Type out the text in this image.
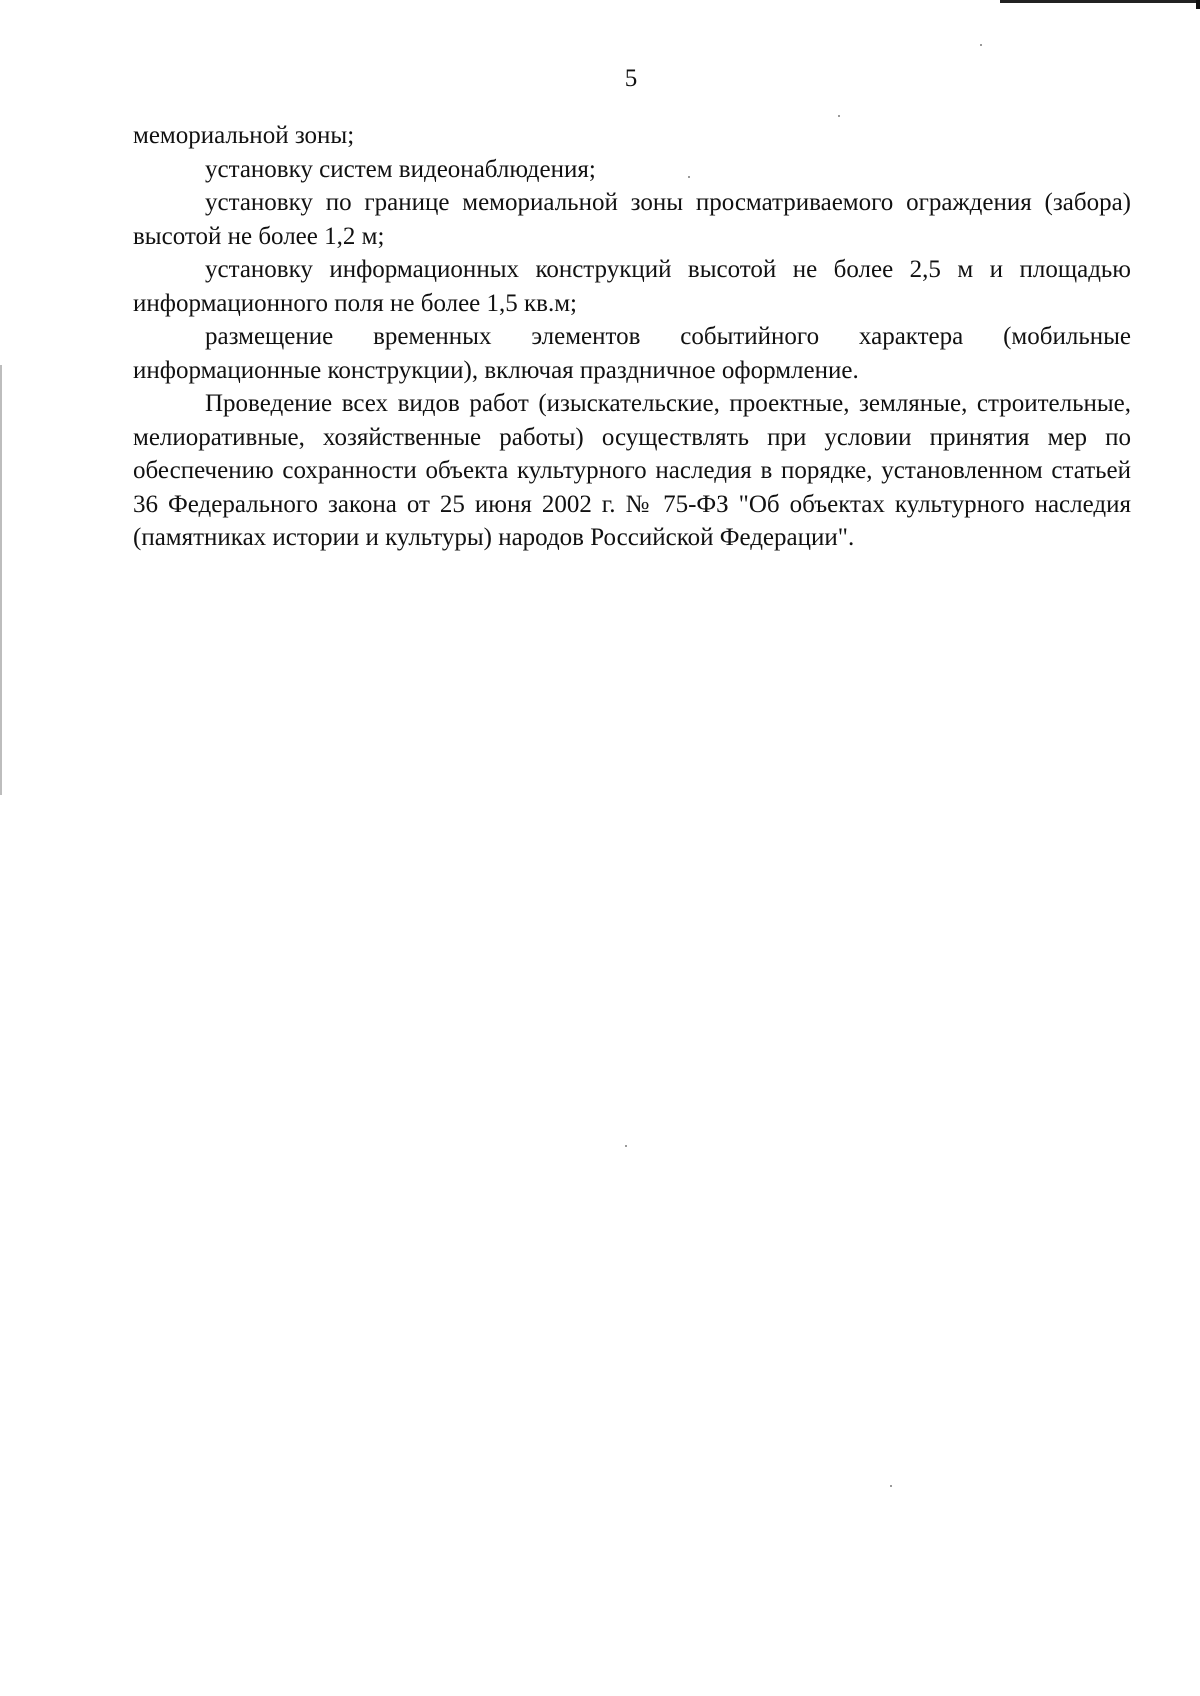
5

мемориальной зоны;

установку систем видеонаблюдения;

установку по границе мемориальной зоны просматриваемого ограждения (забора) высотой не более 1,2 м;

установку информационных конструкций высотой не более 2,5 м и площадью информационного поля не более 1,5 кв.м;

размещение временных элементов событийного характера (мобильные информационные конструкции), включая праздничное оформление.

Проведение всех видов работ (изыскательские, проектные, земляные, строительные, мелиоративные, хозяйственные работы) осуществлять при условии принятия мер по обеспечению сохранности объекта культурного наследия в порядке, установленном статьей 36 Федерального закона от 25 июня 2002 г. № 75-ФЗ "Об объектах культурного наследия (памятниках истории и культуры) народов Российской Федерации".
